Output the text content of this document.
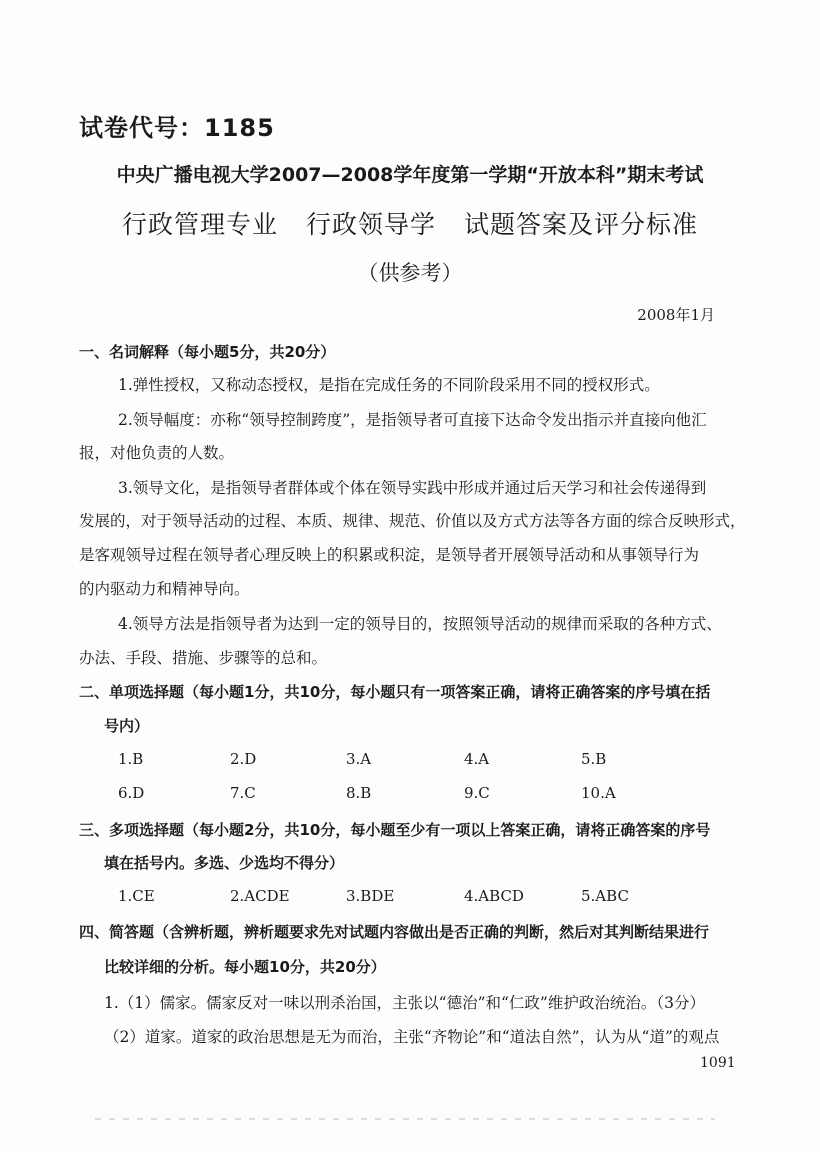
试卷代号：1185
中央广播电视大学2007—2008学年度第一学期“开放本科”期末考试
行政管理专业 行政领导学 试题答案及评分标准
（供参考）
2008年1月
一、名词解释（每小题5分，共20分）
1.弹性授权，又称动态授权，是指在完成任务的不同阶段采用不同的授权形式。
2.领导幅度：亦称“领导控制跨度”，是指领导者可直接下达命令发出指示并直接向他汇
报，对他负责的人数。
3.领导文化，是指领导者群体或个体在领导实践中形成并通过后天学习和社会传递得到
发展的，对于领导活动的过程、本质、规律、规范、价值以及方式方法等各方面的综合反映形式，
是客观领导过程在领导者心理反映上的积累或积淀，是领导者开展领导活动和从事领导行为
的内驱动力和精神导向。
4.领导方法是指领导者为达到一定的领导目的，按照领导活动的规律而采取的各种方式、
办法、手段、措施、步骤等的总和。
二、单项选择题（每小题1分，共10分，每小题只有一项答案正确，请将正确答案的序号填在括
号内）
1.B	2.D	3.A	4.A	5.B
6.D	7.C	8.B	9.C	10.A
三、多项选择题（每小题2分，共10分，每小题至少有一项以上答案正确，请将正确答案的序号
填在括号内。多选、少选均不得分）
1.CE	2.ACDE	3.BDE	4.ABCD	5.ABC
四、简答题（含辨析题，辨析题要求先对试题内容做出是否正确的判断，然后对其判断结果进行
比较详细的分析。每小题10分，共20分）
1.（1）儒家。儒家反对一味以刑杀治国，主张以“德治”和“仁政”维护政治统治。（3分）
（2）道家。道家的政治思想是无为而治，主张“齐物论”和“道法自然”，认为从“道”的观点
1091
